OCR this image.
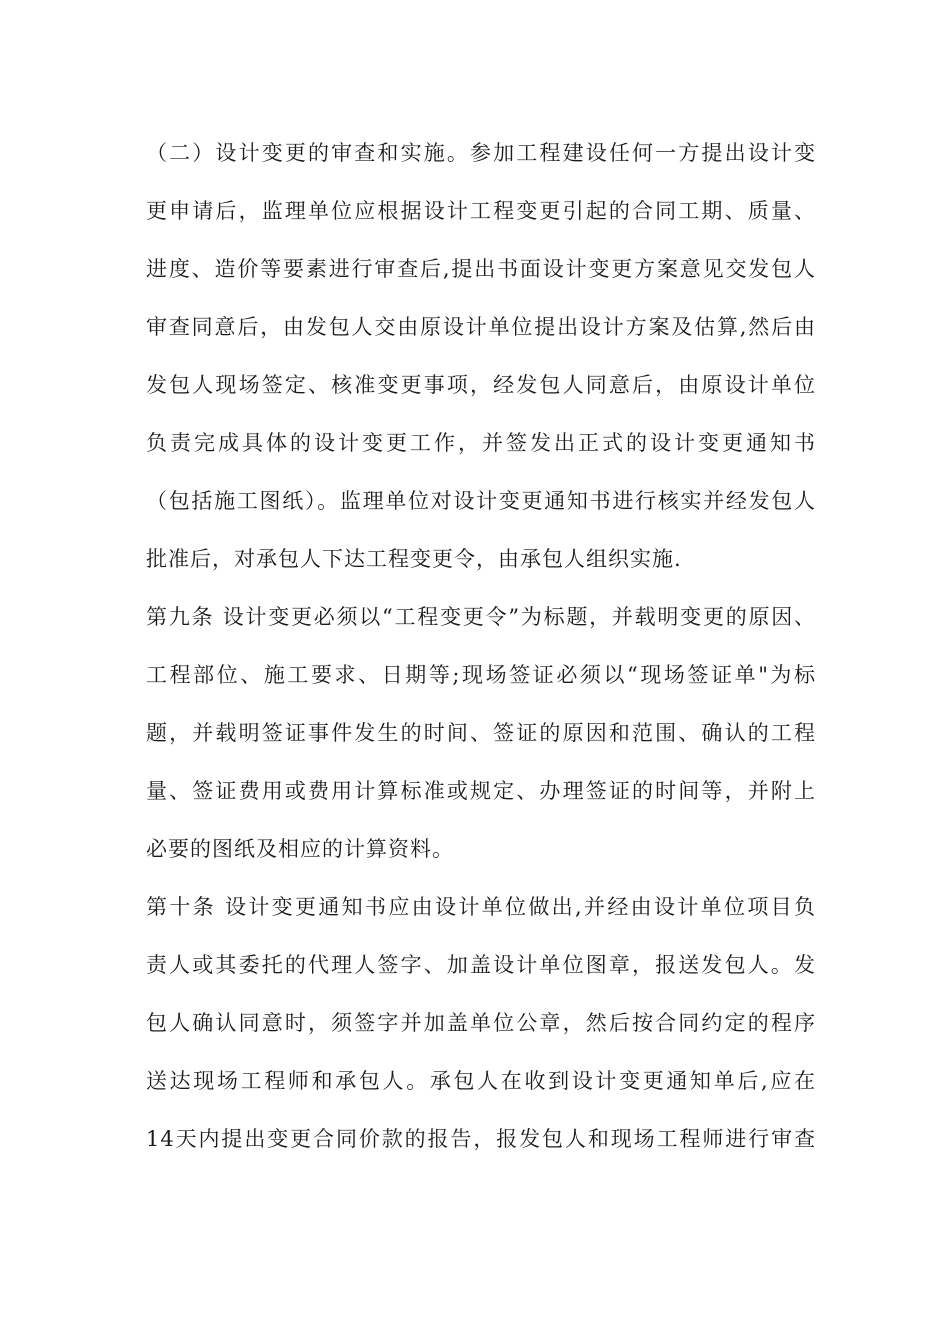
（二）设计变更的审查和实施。参加工程建设任何一方提出设计变
更申请后，监理单位应根据设计工程变更引起的合同工期、质量、
进度、造价等要素进行审查后,提出书面设计变更方案意见交发包人
审查同意后，由发包人交由原设计单位提出设计方案及估算,然后由
发包人现场签定、核准变更事项，经发包人同意后，由原设计单位
负责完成具体的设计变更工作，并签发出正式的设计变更通知书
（包括施工图纸）。监理单位对设计变更通知书进行核实并经发包人
批准后，对承包人下达工程变更令，由承包人组织实施.
第九条 设计变更必须以“工程变更令”为标题，并载明变更的原因、
工程部位、施工要求、日期等;现场签证必须以“现场签证单"为标
题，并载明签证事件发生的时间、签证的原因和范围、确认的工程
量、签证费用或费用计算标准或规定、办理签证的时间等，并附上
必要的图纸及相应的计算资料。
第十条 设计变更通知书应由设计单位做出,并经由设计单位项目负
责人或其委托的代理人签字、加盖设计单位图章，报送发包人。发
包人确认同意时，须签字并加盖单位公章，然后按合同约定的程序
送达现场工程师和承包人。承包人在收到设计变更通知单后,应在
14天内提出变更合同价款的报告，报发包人和现场工程师进行审查
